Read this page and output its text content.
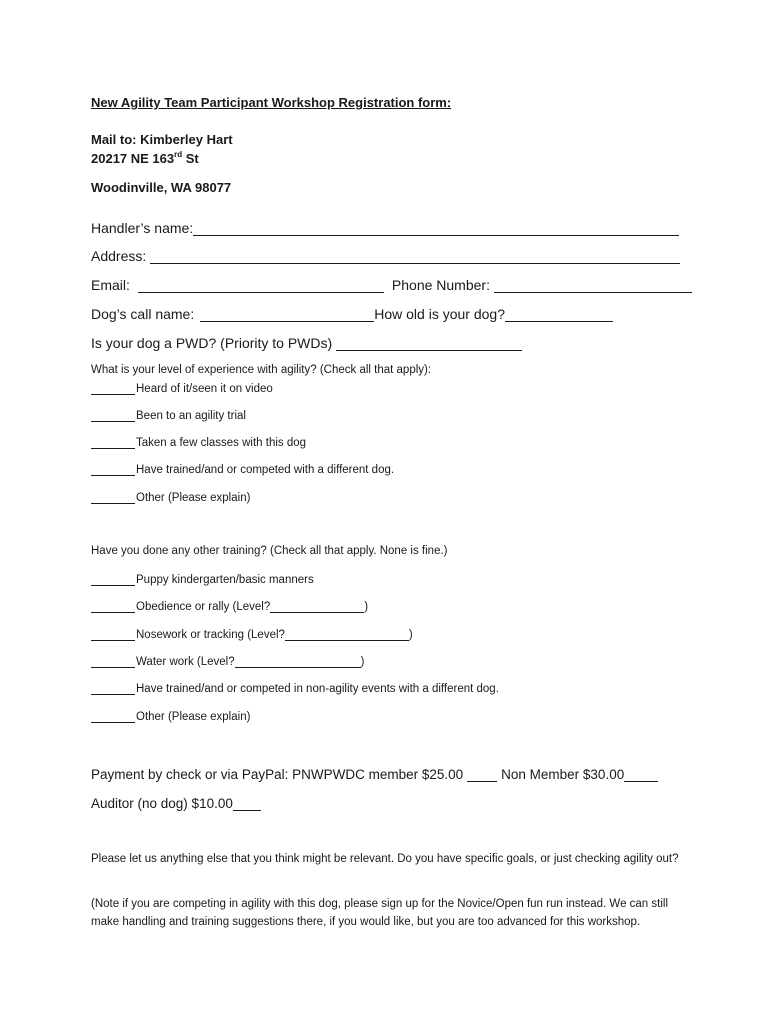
New Agility Team Participant Workshop Registration form:
Mail to: Kimberley Hart
20217 NE 163rd St
Woodinville, WA 98077
Handler’s name:
Address:
Email:	Phone Number:
Dog’s call name:	How old is your dog?
Is your dog a PWD? (Priority to PWDs)
What is your level of experience with agility? (Check all that apply):
Heard of it/seen it on video
Been to an agility trial
Taken a few classes with this dog
Have trained/and or competed with a different dog.
Other (Please explain)
Have you done any other training? (Check all that apply. None is fine.)
Puppy kindergarten/basic manners
Obedience or rally (Level?	)
Nosework or tracking (Level?	)
Water work (Level?	)
Have trained/and or competed in non-agility events with a different dog.
Other (Please explain)
Payment by check or via PayPal: PNWPWDC member $25.00	Non Member $30.00
Auditor (no dog) $10.00
Please let us anything else that you think might be relevant. Do you have specific goals, or just checking agility out?
(Note if you are competing in agility with this dog, please sign up for the Novice/Open fun run instead. We can still make handling and training suggestions there, if you would like, but you are too advanced for this workshop.
